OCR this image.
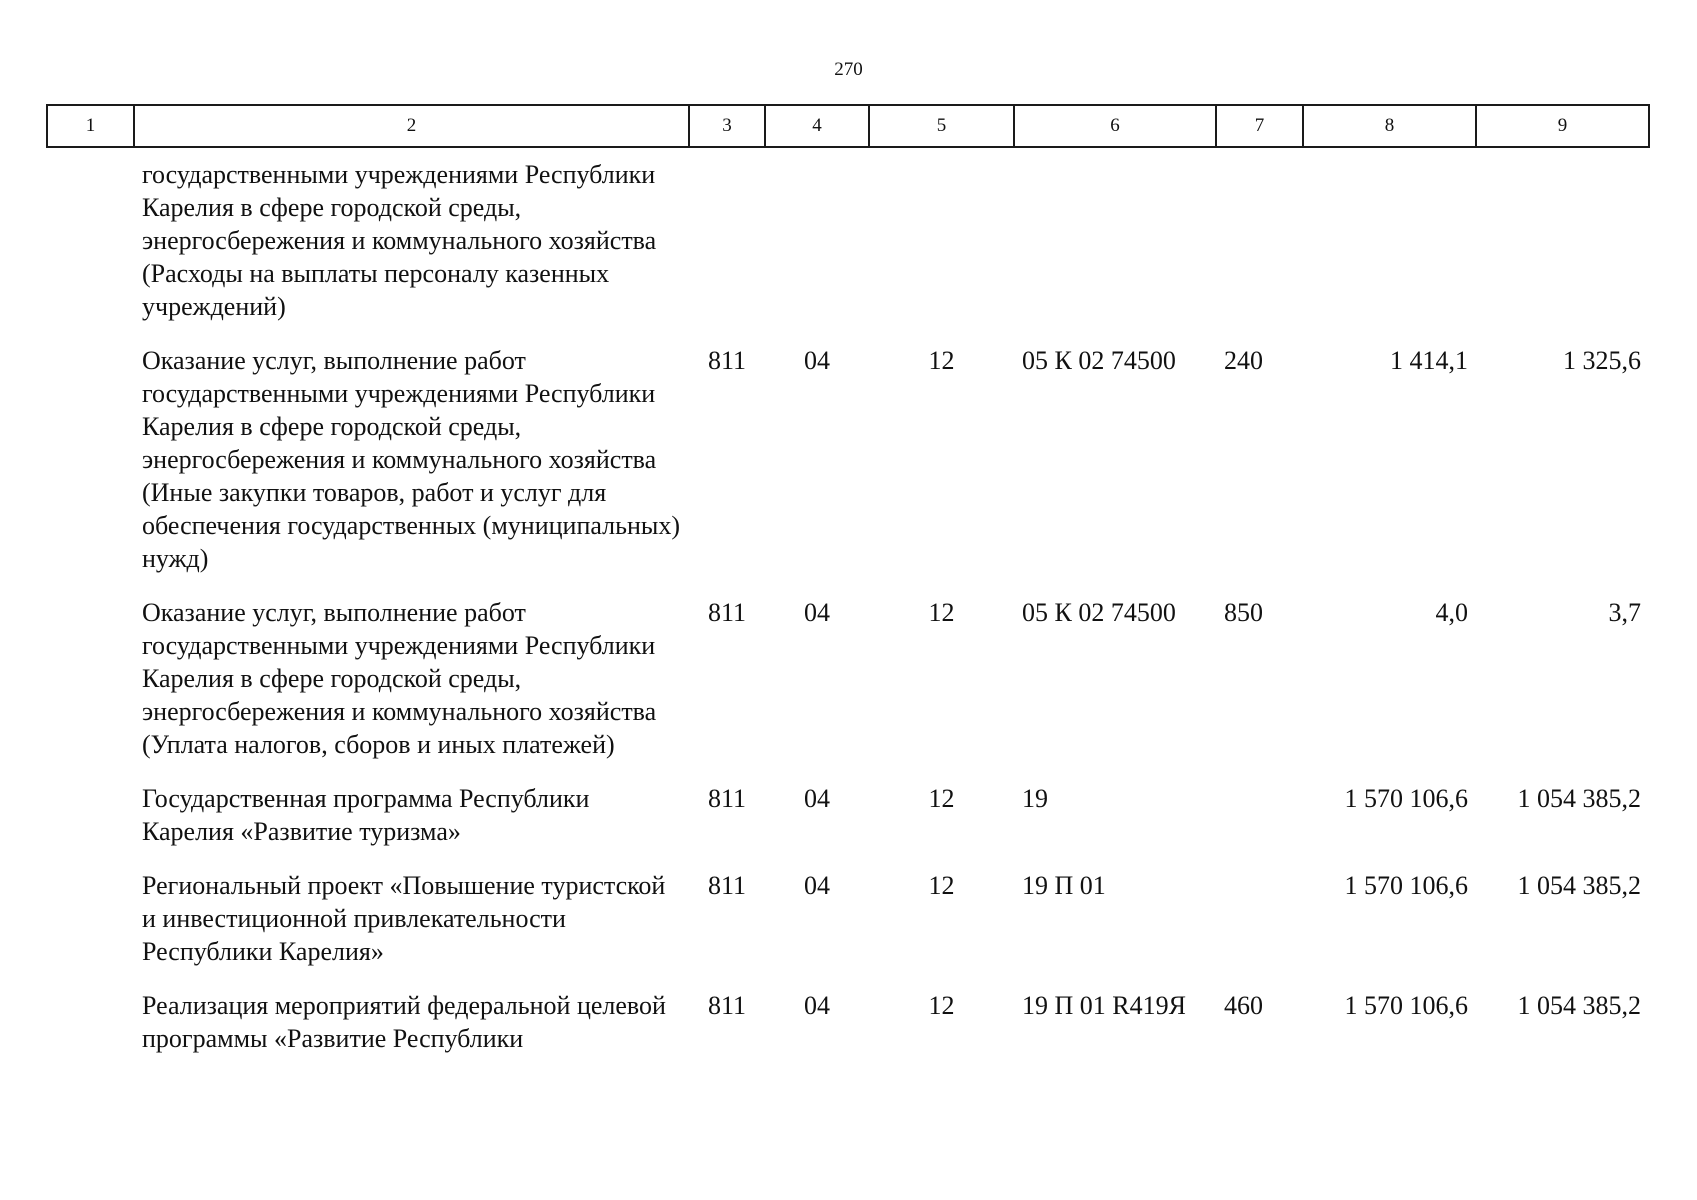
270
1	2	3	4	5	6	7	8	9
	государственными учреждениями Республики Карелия в сфере городской среды, энергосбережения и коммунального хозяйства (Расходы на выплаты персоналу казенных учреждений)							
	Оказание услуг, выполнение работ государственными учреждениями Республики Карелия в сфере городской среды, энергосбережения и коммунального хозяйства (Иные закупки товаров, работ и услуг для обеспечения государственных (муниципальных) нужд)	811	04	12	05 К 02 74500	240	1 414,1	1 325,6
	Оказание услуг, выполнение работ государственными учреждениями Республики Карелия в сфере городской среды, энергосбережения и коммунального хозяйства (Уплата налогов, сборов и иных платежей)	811	04	12	05 К 02 74500	850	4,0	3,7
	Государственная программа Республики Карелия «Развитие туризма»	811	04	12	19		1 570 106,6	1 054 385,2
	Региональный проект «Повышение туристской и инвестиционной привлекательности Республики Карелия»	811	04	12	19 П 01		1 570 106,6	1 054 385,2
	Реализация мероприятий федеральной целевой программы «Развитие Республики	811	04	12	19 П 01 R419Я	460	1 570 106,6	1 054 385,2
